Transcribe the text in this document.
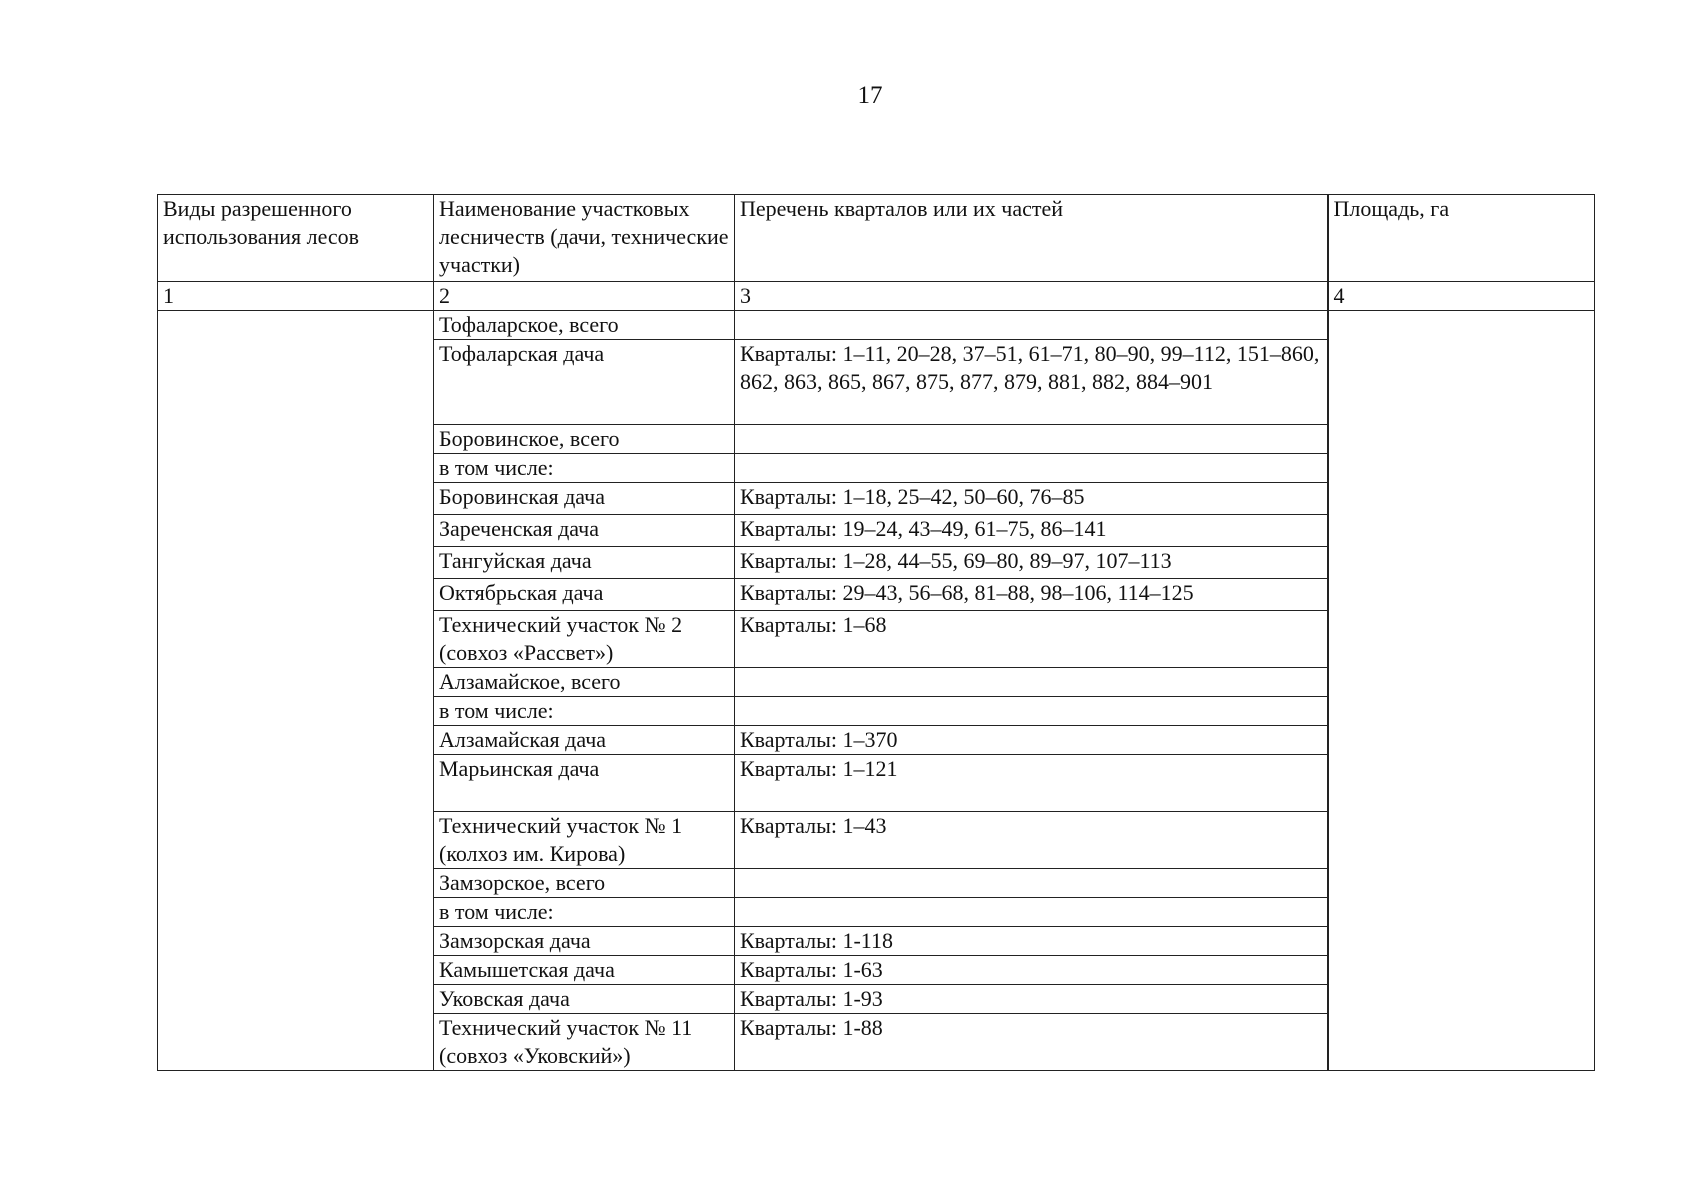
17
Виды разрешенного использования лесов	Наименование участковых лесничеств (дачи, технические участки)	Перечень кварталов или их частей	Площадь, га
1	2	3	4
	Тофаларское, всего		
	Тофаларская дача	Кварталы: 1–11, 20–28, 37–51, 61–71, 80–90, 99–112, 151–860, 862, 863, 865, 867, 875, 877, 879, 881, 882, 884–901	
	Боровинское, всего		
	в том числе:		
	Боровинская дача	Кварталы: 1–18, 25–42, 50–60, 76–85	
	Зареченская дача	Кварталы: 19–24, 43–49, 61–75, 86–141	
	Тангуйская дача	Кварталы: 1–28, 44–55, 69–80, 89–97, 107–113	
	Октябрьская дача	Кварталы: 29–43, 56–68, 81–88, 98–106, 114–125	
	Технический участок № 2 (совхоз «Рассвет»)	Кварталы: 1–68	
	Алзамайское, всего		
	в том числе:		
	Алзамайская дача	Кварталы: 1–370	
	Марьинская дача	Кварталы: 1–121	
	Технический участок № 1 (колхоз им. Кирова)	Кварталы: 1–43	
	Замзорское, всего		
	в том числе:		
	Замзорская дача	Кварталы: 1-118	
	Камышетская дача	Кварталы: 1-63	
	Уковская дача	Кварталы: 1-93	
	Технический участок № 11 (совхоз «Уковский»)	Кварталы: 1-88	
